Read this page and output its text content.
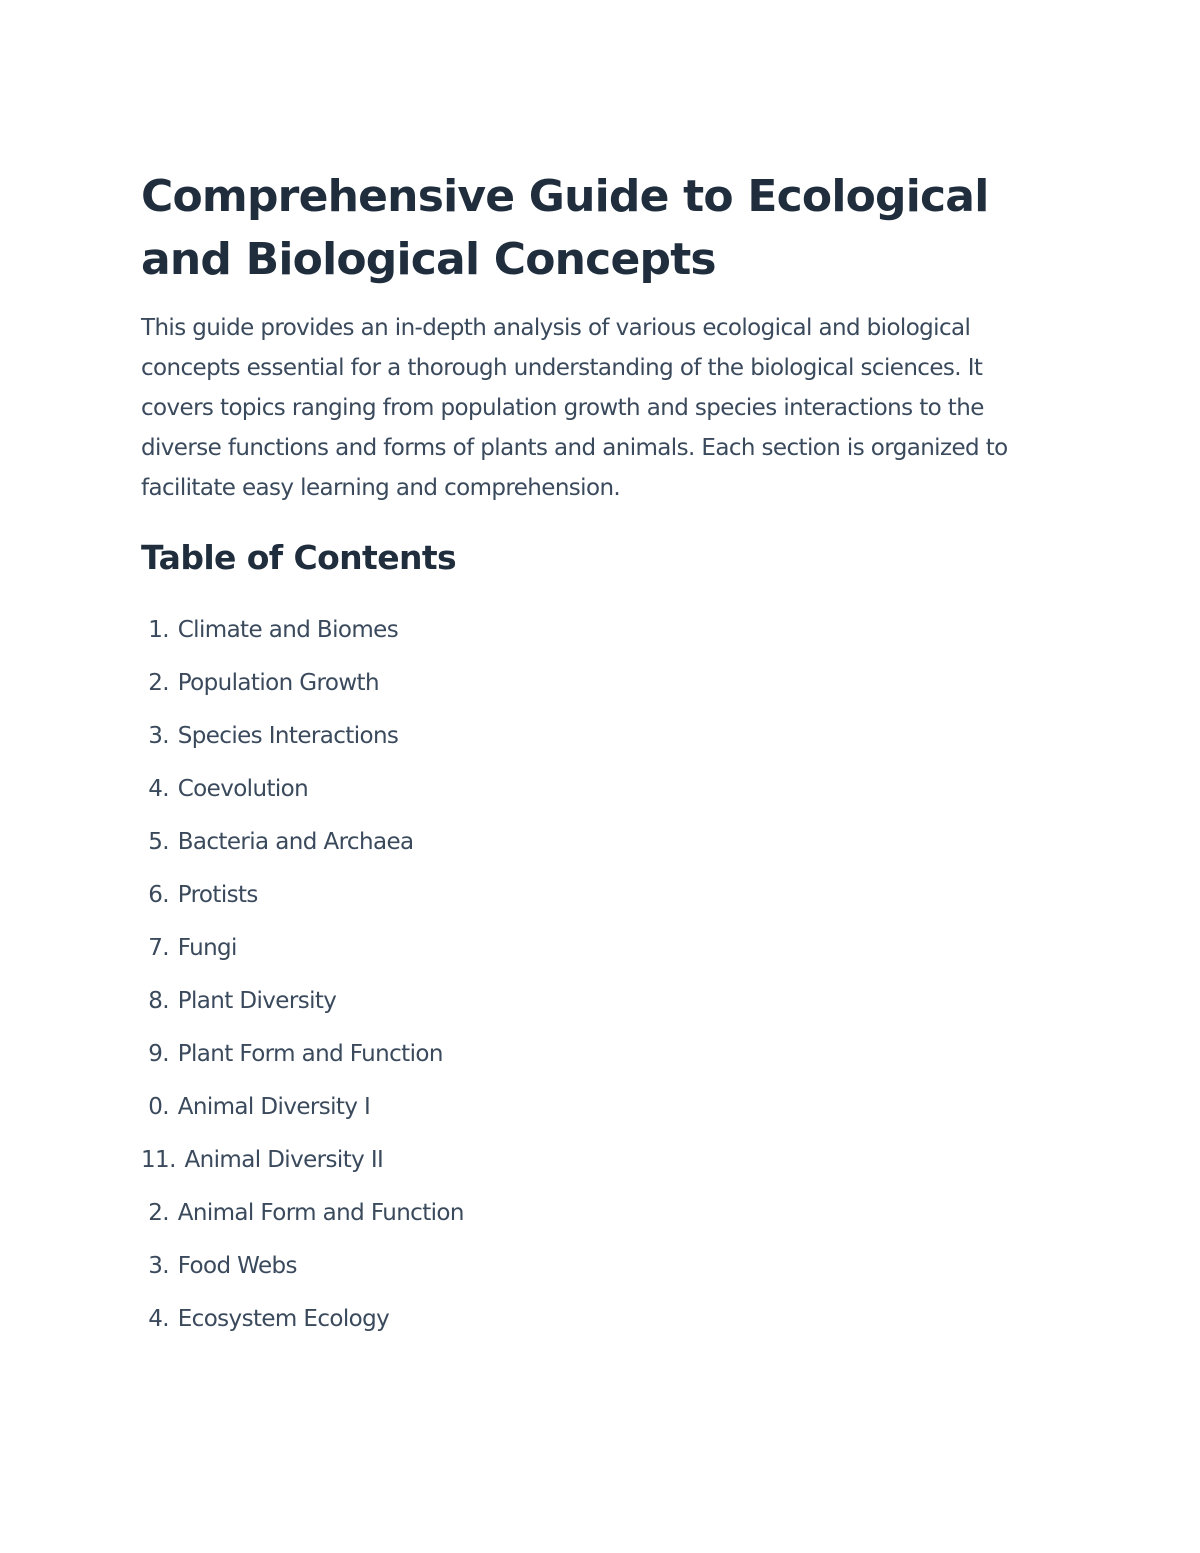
Comprehensive Guide to Ecological and Biological Concepts

This guide provides an in-depth analysis of various ecological and biological concepts essential for a thorough understanding of the biological sciences. It covers topics ranging from population growth and species interactions to the diverse functions and forms of plants and animals. Each section is organized to facilitate easy learning and comprehension.

Table of Contents
1. Climate and Biomes
2. Population Growth
3. Species Interactions
4. Coevolution
5. Bacteria and Archaea
6. Protists
7. Fungi
8. Plant Diversity
9. Plant Form and Function
0. Animal Diversity I
11. Animal Diversity II
2. Animal Form and Function
3. Food Webs
4. Ecosystem Ecology
